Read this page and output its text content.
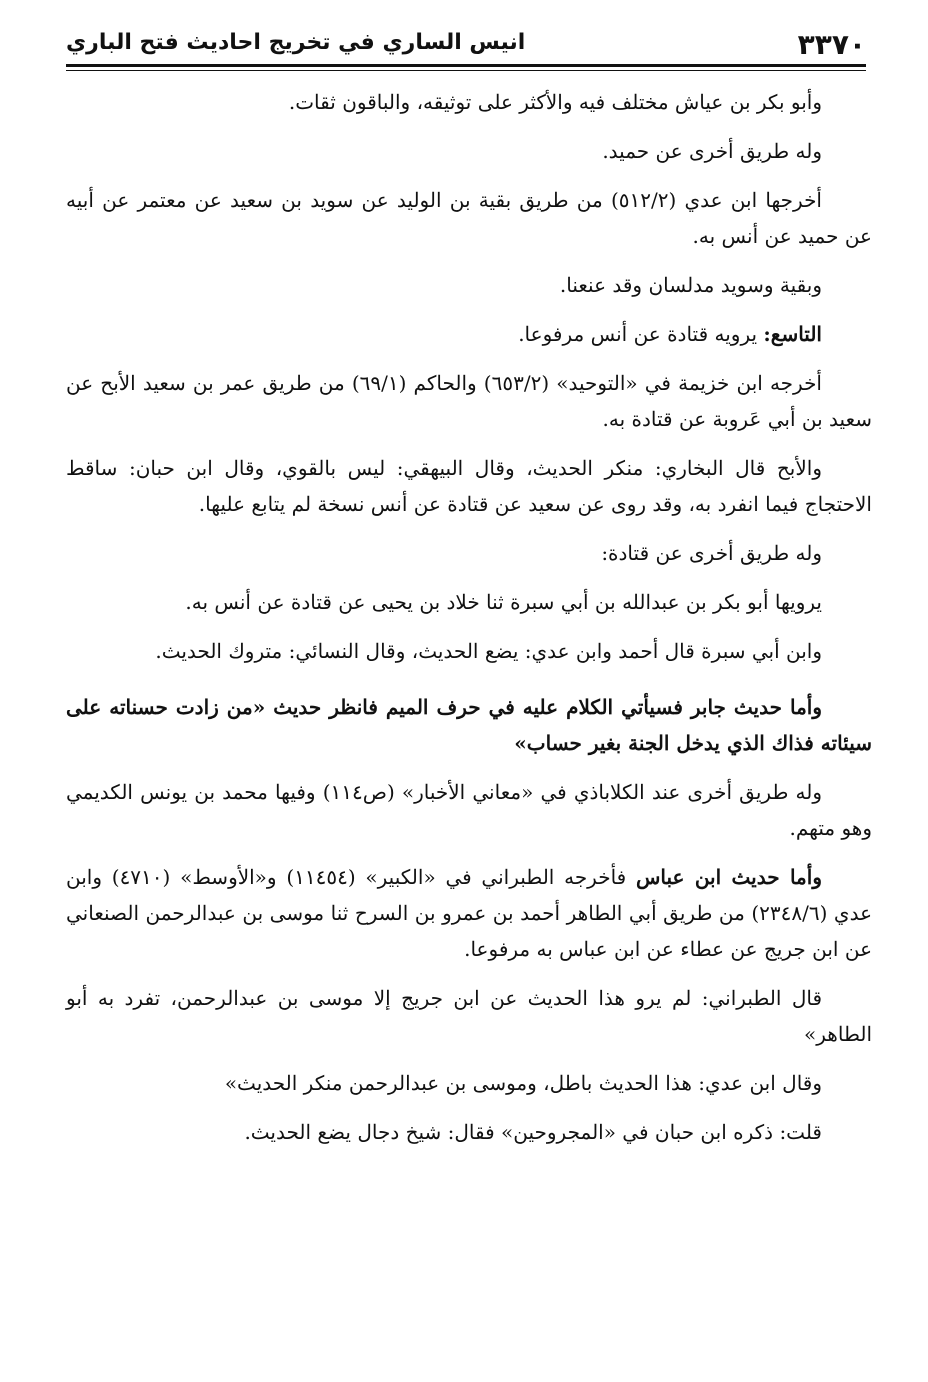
٣٣٧٠
انيس الساري في تخريج احاديث فتح الباري

وأبو بكر بن عياش مختلف فيه والأكثر على توثيقه، والباقون ثقات.

وله طريق أخرى عن حميد.

أخرجها ابن عدي (٥١٢/٢) من طريق بقية بن الوليد عن سويد بن سعيد عن معتمر عن أبيه عن حميد عن أنس به.

وبقية وسويد مدلسان وقد عنعنا.

التاسع: يرويه قتادة عن أنس مرفوعا.

أخرجه ابن خزيمة في «التوحيد» (٦٥٣/٢) والحاكم (٦٩/١) من طريق عمر بن سعيد الأبح عن سعيد بن أبي عَروبة عن قتادة به.

والأبح قال البخاري: منكر الحديث، وقال البيهقي: ليس بالقوي، وقال ابن حبان: ساقط الاحتجاج فيما انفرد به، وقد روى عن سعيد عن قتادة عن أنس نسخة لم يتابع عليها.

وله طريق أخرى عن قتادة:

يرويها أبو بكر بن عبدالله بن أبي سبرة ثنا خلاد بن يحيى عن قتادة عن أنس به.

وابن أبي سبرة قال أحمد وابن عدي: يضع الحديث، وقال النسائي: متروك الحديث.

وأما حديث جابر فسيأتي الكلام عليه في حرف الميم فانظر حديث «من زادت حسناته على سيئاته فذاك الذي يدخل الجنة بغير حساب»

وله طريق أخرى عند الكلاباذي في «معاني الأخبار» (ص١١٤) وفيها محمد بن يونس الكديمي وهو متهم.

وأما حديث ابن عباس فأخرجه الطبراني في «الكبير» (١١٤٥٤) و«الأوسط» (٤٧١٠) وابن عدي (٢٣٤٨/٦) من طريق أبي الطاهر أحمد بن عمرو بن السرح ثنا موسى بن عبدالرحمن الصنعاني عن ابن جريج عن عطاء عن ابن عباس به مرفوعا.

قال الطبراني: لم يرو هذا الحديث عن ابن جريج إلا موسى بن عبدالرحمن، تفرد به أبو الطاهر»

وقال ابن عدي: هذا الحديث باطل، وموسى بن عبدالرحمن منكر الحديث»

قلت: ذكره ابن حبان في «المجروحين» فقال: شيخ دجال يضع الحديث.
